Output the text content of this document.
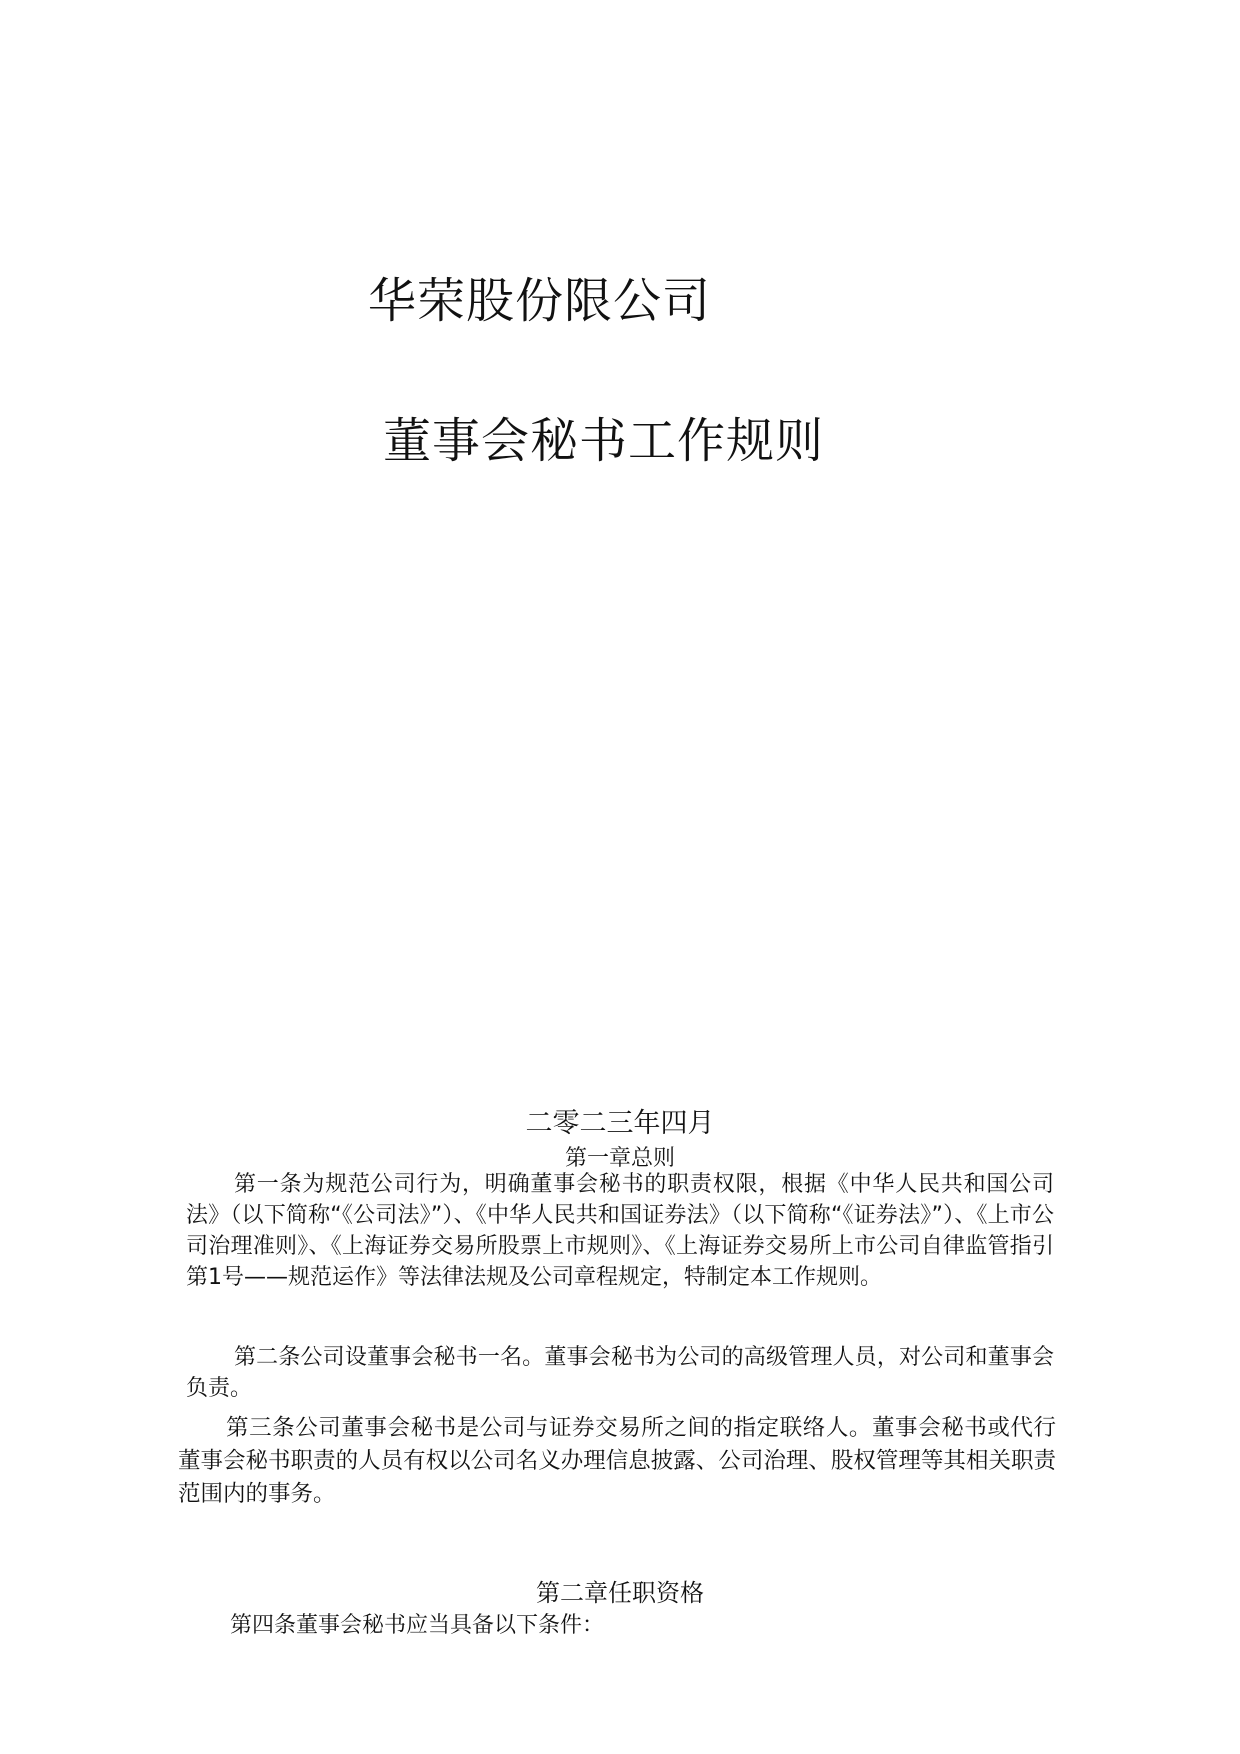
华荣股份限公司
董事会秘书工作规则
二零二三年四月
第一章总则

第一条为规范公司行为，明确董事会秘书的职责权限，根据《中华人民共和国公司法》（以下简称“《公司法》”）、《中华人民共和国证券法》（以下简称“《证券法》”）、《上市公司治理准则》、《上海证券交易所股票上市规则》、《上海证券交易所上市公司自律监管指引第1号——规范运作》等法律法规及公司章程规定，特制定本工作规则。

第二条公司设董事会秘书一名。董事会秘书为公司的高级管理人员，对公司和董事会负责。

第三条公司董事会秘书是公司与证券交易所之间的指定联络人。董事会秘书或代行董事会秘书职责的人员有权以公司名义办理信息披露、公司治理、股权管理等其相关职责范围内的事务。

第二章任职资格

第四条董事会秘书应当具备以下条件：
